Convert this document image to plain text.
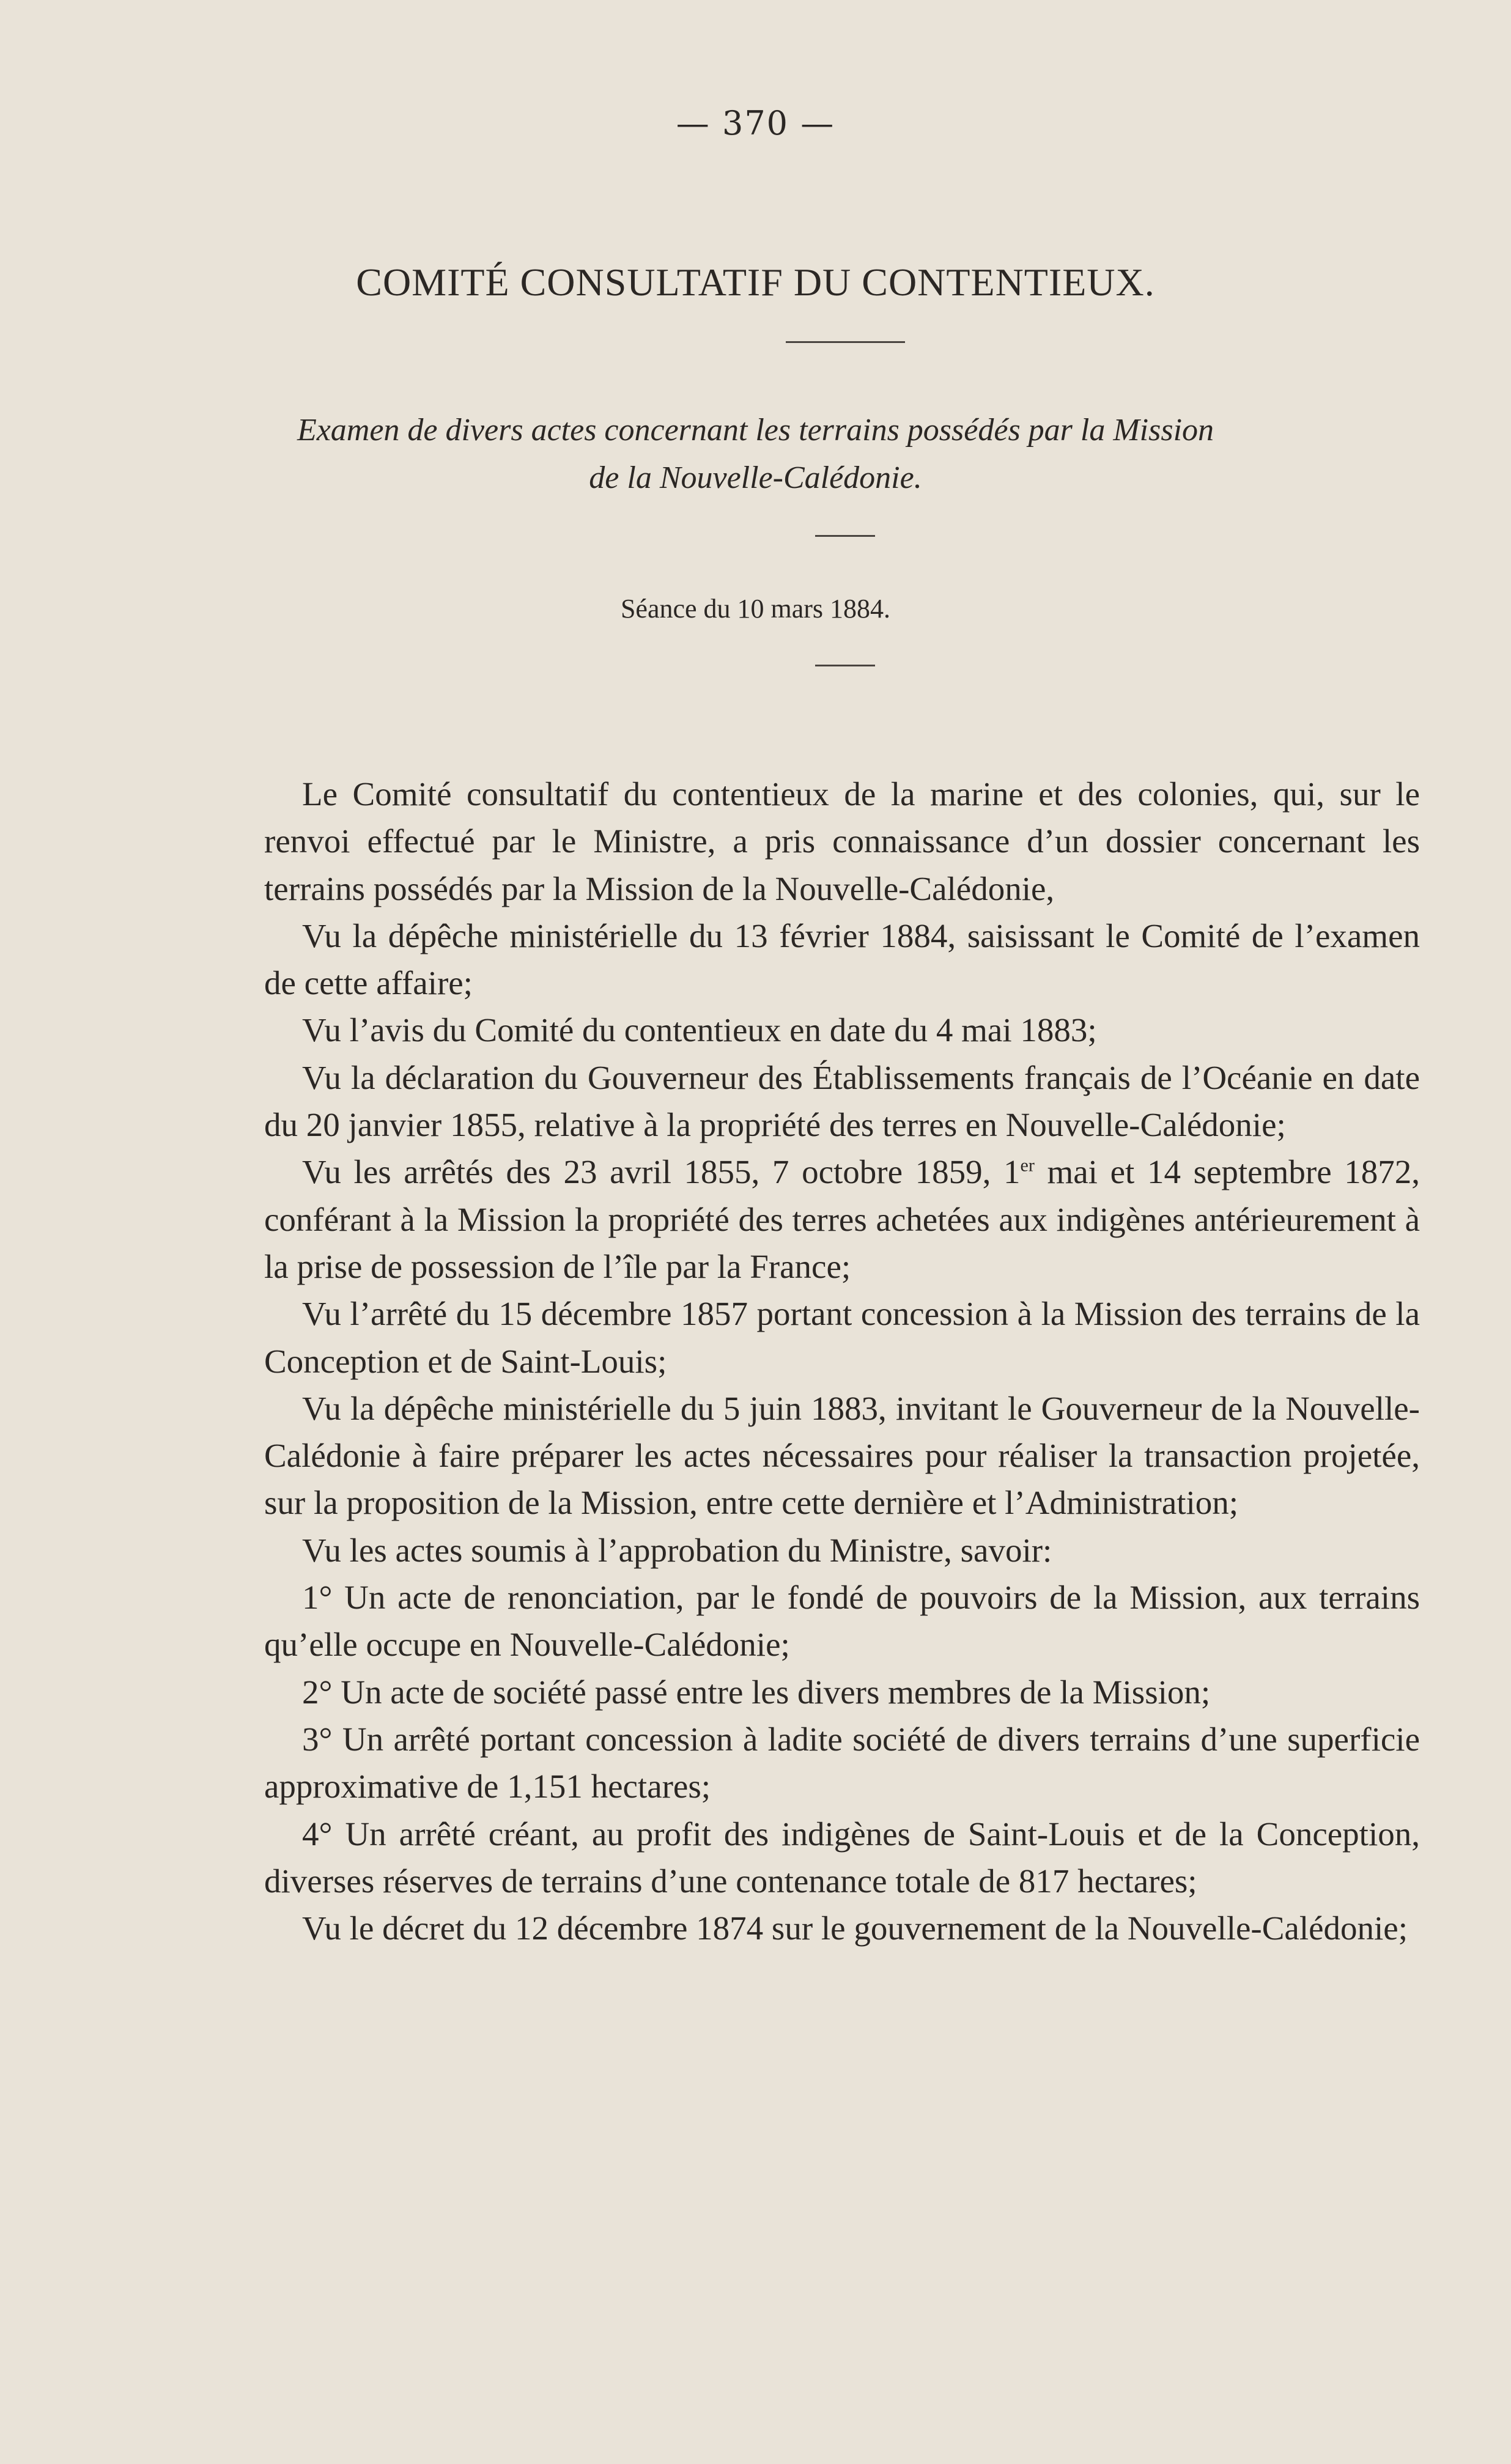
— 370 —
COMITÉ CONSULTATIF DU CONTENTIEUX.
Examen de divers actes concernant les terrains possédés par la Mission
de la Nouvelle-Calédonie.
Séance du 10 mars 1884.

Le Comité consultatif du contentieux de la marine et des colonies, qui, sur le renvoi effectué par le Ministre, a pris connaissance d’un dossier concernant les terrains possédés par la Mission de la Nouvelle-Calédonie,

Vu la dépêche ministérielle du 13 février 1884, saisissant le Comité de l’examen de cette affaire;

Vu l’avis du Comité du contentieux en date du 4 mai 1883;

Vu la déclaration du Gouverneur des Établissements français de l’Océanie en date du 20 janvier 1855, relative à la propriété des terres en Nouvelle-Calédonie;

Vu les arrêtés des 23 avril 1855, 7 octobre 1859, 1er mai et 14 septembre 1872, conférant à la Mission la propriété des terres achetées aux indigènes antérieurement à la prise de possession de l’île par la France;

Vu l’arrêté du 15 décembre 1857 portant concession à la Mission des terrains de la Conception et de Saint-Louis;

Vu la dépêche ministérielle du 5 juin 1883, invitant le Gouverneur de la Nouvelle-Calédonie à faire préparer les actes nécessaires pour réaliser la transaction projetée, sur la proposition de la Mission, entre cette dernière et l’Administration;

Vu les actes soumis à l’approbation du Ministre, savoir:

1° Un acte de renonciation, par le fondé de pouvoirs de la Mission, aux terrains qu’elle occupe en Nouvelle-Calédonie;

2° Un acte de société passé entre les divers membres de la Mission;

3° Un arrêté portant concession à ladite société de divers terrains d’une superficie approximative de 1,151 hectares;

4° Un arrêté créant, au profit des indigènes de Saint-Louis et de la Conception, diverses réserves de terrains d’une contenance totale de 817 hectares;

Vu le décret du 12 décembre 1874 sur le gouvernement de la Nouvelle-Calédonie;
